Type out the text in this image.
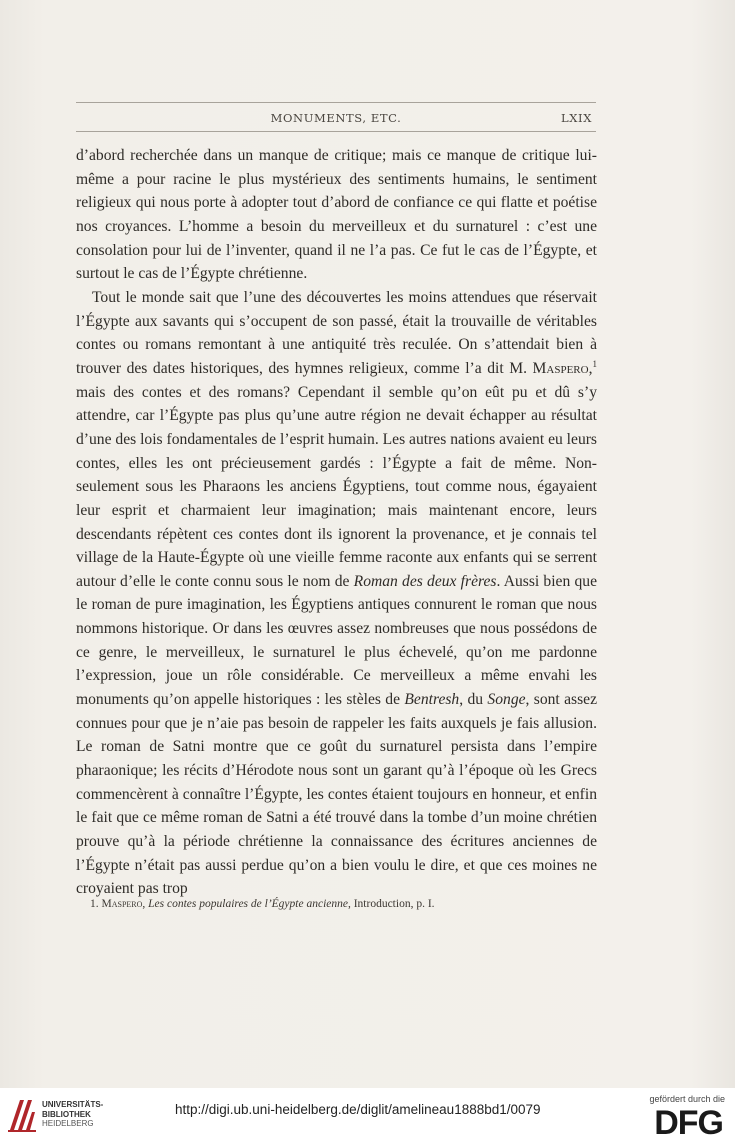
MONUMENTS, ETC.	LXIX

d’abord recherchée dans un manque de critique; mais ce manque de critique lui-même a pour racine le plus mystérieux des sentiments humains, le sentiment religieux qui nous porte à adopter tout d’abord de confiance ce qui flatte et poétise nos croyances. L’homme a besoin du merveilleux et du surnaturel : c’est une consolation pour lui de l’inventer, quand il ne l’a pas. Ce fut le cas de l’Égypte, et surtout le cas de l’Égypte chrétienne.

Tout le monde sait que l’une des découvertes les moins attendues que réservait l’Égypte aux savants qui s’occupent de son passé, était la trouvaille de véritables contes ou romans remontant à une antiquité très reculée. On s’attendait bien à trouver des dates historiques, des hymnes religieux, comme l’a dit M. Maspero,$^1$ mais des contes et des romans? Cependant il semble qu’on eût pu et dû s’y attendre, car l’Égypte pas plus qu’une autre région ne devait échapper au résultat d’une des lois fondamentales de l’esprit humain. Les autres nations avaient eu leurs contes, elles les ont précieusement gardés : l’Égypte a fait de même. Non-seulement sous les Pharaons les anciens Égyptiens, tout comme nous, égayaient leur esprit et charmaient leur imagination; mais maintenant encore, leurs descendants répètent ces contes dont ils ignorent la provenance, et je connais tel village de la Haute-Égypte où une vieille femme raconte aux enfants qui se serrent autour d’elle le conte connu sous le nom de Roman des deux frères. Aussi bien que le roman de pure imagination, les Égyptiens antiques connurent le roman que nous nommons historique. Or dans les œuvres assez nombreuses que nous possédons de ce genre, le merveilleux, le surnaturel le plus échevelé, qu’on me pardonne l’expression, joue un rôle considérable. Ce merveilleux a même envahi les monuments qu’on appelle historiques : les stèles de Bentresh, du Songe, sont assez connues pour que je n’aie pas besoin de rappeler les faits auxquels je fais allusion. Le roman de Satni montre que ce goût du surnaturel persista dans l’empire pharaonique; les récits d’Hérodote nous sont un garant qu’à l’époque où les Grecs commencèrent à connaître l’Égypte, les contes étaient toujours en honneur, et enfin le fait que ce même roman de Satni a été trouvé dans la tombe d’un moine chrétien prouve qu’à la période chrétienne la connaissance des écritures anciennes de l’Égypte n’était pas aussi perdue qu’on a bien voulu le dire, et que ces moines ne croyaient pas trop

1. Maspero, Les contes populaires de l’Égypte ancienne, Introduction, p. I.
UNIVERSITÄTS-
BIBLIOTHEK
HEIDELBERG
http://digi.ub.uni-heidelberg.de/diglit/amelineau1888bd1/0079
gefördert durch die
DFG
